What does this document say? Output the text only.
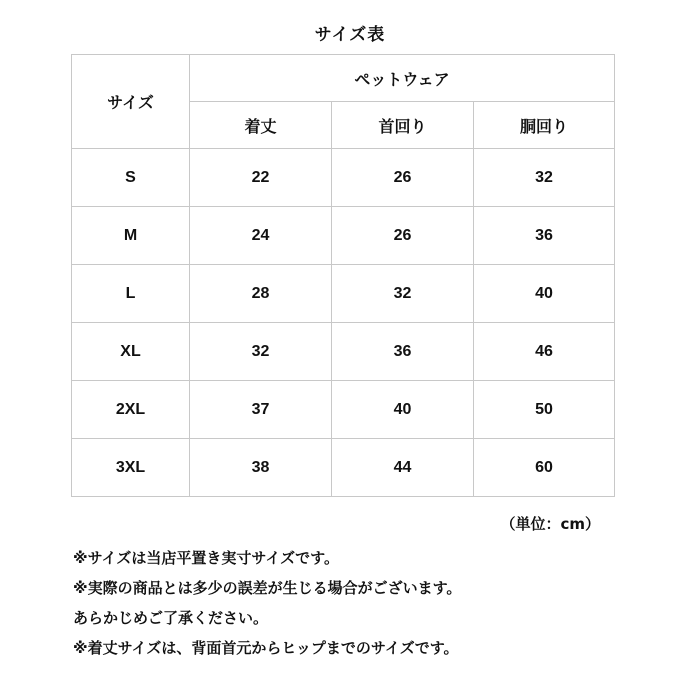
サイズ表
サイズ	ペットウェア		
	着丈	首回り	胴回り
S	22	26	32
M	24	26	36
L	28	32	40
XL	32	36	46
2XL	37	40	50
3XL	38	44	60
（単位：cm）
※サイズは当店平置き実寸サイズです。
※実際の商品とは多少の誤差が生じる場合がございます。
あらかじめご了承ください。
※着丈サイズは、背面首元からヒップまでのサイズです。
